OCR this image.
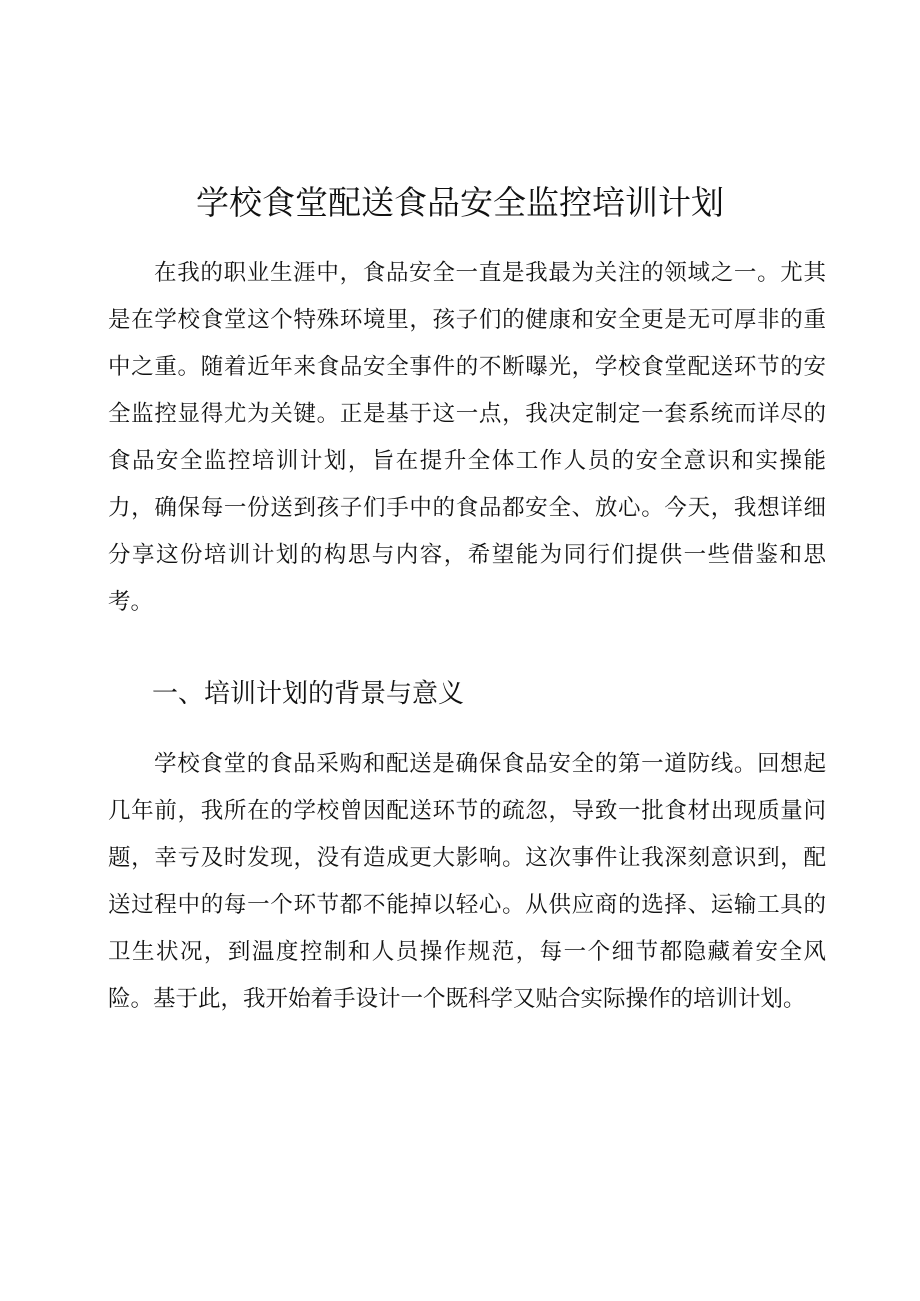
学校食堂配送食品安全监控培训计划

在我的职业生涯中，食品安全一直是我最为关注的领域之一。尤其是在学校食堂这个特殊环境里，孩子们的健康和安全更是无可厚非的重中之重。随着近年来食品安全事件的不断曝光，学校食堂配送环节的安全监控显得尤为关键。正是基于这一点，我决定制定一套系统而详尽的食品安全监控培训计划，旨在提升全体工作人员的安全意识和实操能力，确保每一份送到孩子们手中的食品都安全、放心。今天，我想详细分享这份培训计划的构思与内容，希望能为同行们提供一些借鉴和思考。

一、培训计划的背景与意义

学校食堂的食品采购和配送是确保食品安全的第一道防线。回想起几年前，我所在的学校曾因配送环节的疏忽，导致一批食材出现质量问题，幸亏及时发现，没有造成更大影响。这次事件让我深刻意识到，配送过程中的每一个环节都不能掉以轻心。从供应商的选择、运输工具的卫生状况，到温度控制和人员操作规范，每一个细节都隐藏着安全风险。基于此，我开始着手设计一个既科学又贴合实际操作的培训计划。
